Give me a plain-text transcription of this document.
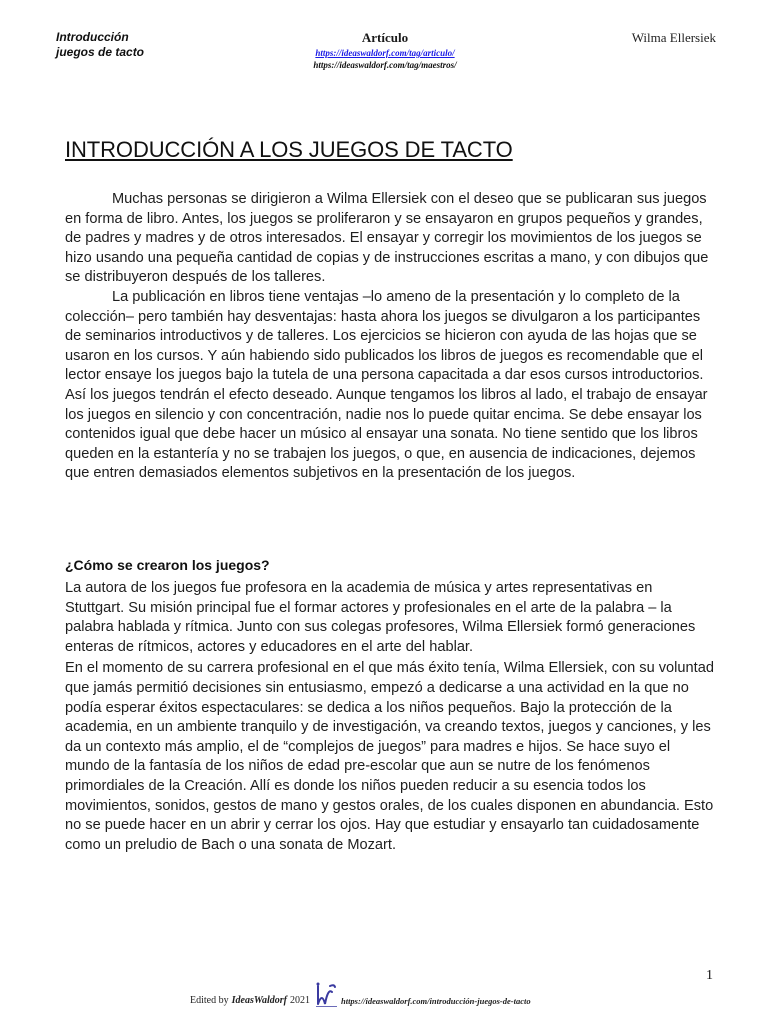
Introducción
juegos de tacto
Artículo
https://ideaswaldorf.com/tag/articulo/
https://ideaswaldorf.com/tag/maestros/
Wilma Ellersiek
INTRODUCCIÓN A LOS JUEGOS DE TACTO

Muchas personas se dirigieron a Wilma Ellersiek con el deseo que se publicaran sus juegos en forma de libro. Antes, los juegos se proliferaron y se ensayaron en grupos pequeños y grandes, de padres y madres y de otros interesados. El ensayar y corregir los movimientos de los juegos se hizo usando una pequeña cantidad de copias y de instrucciones escritas a mano, y con dibujos que se distribuyeron después de los talleres.

La publicación en libros tiene ventajas –lo ameno de la presentación y lo completo de la colección– pero también hay desventajas: hasta ahora los juegos se divulgaron a los participantes de seminarios introductivos y de talleres. Los ejercicios se hicieron con ayuda de las hojas que se usaron en los cursos. Y aún habiendo sido publicados los libros de juegos es recomendable que el lector ensaye los juegos bajo la tutela de una persona capacitada a dar esos cursos introductorios. Así los juegos tendrán el efecto deseado. Aunque tengamos los libros al lado, el trabajo de ensayar los juegos en silencio y con concentración, nadie nos lo puede quitar encima. Se debe ensayar los contenidos igual que debe hacer un músico al ensayar una sonata. No tiene sentido que los libros queden en la estantería y no se trabajen los juegos, o que, en ausencia de indicaciones, dejemos que entren demasiados elementos subjetivos en la presentación de los juegos.

¿Cómo se crearon los juegos?

La autora de los juegos fue profesora en la academia de música y artes representativas en Stuttgart. Su misión principal fue el formar actores y profesionales en el arte de la palabra – la palabra hablada y rítmica. Junto con sus colegas profesores, Wilma Ellersiek formó generaciones enteras de rítmicos, actores y educadores en el arte del hablar.

En el momento de su carrera profesional en el que más éxito tenía, Wilma Ellersiek, con su voluntad que jamás permitió decisiones sin entusiasmo, empezó a dedicarse a una actividad en la que no podía esperar éxitos espectaculares: se dedica a los niños pequeños. Bajo la protección de la academia, en un ambiente tranquilo y de investigación, va creando textos, juegos y canciones, y les da un contexto más amplio, el de “complejos de juegos” para madres e hijos. Se hace suyo el mundo de la fantasía de los niños de edad pre-escolar que aun se nutre de los fenómenos primordiales de la Creación. Allí es donde los niños pueden reducir a su esencia todos los movimientos, sonidos, gestos de mano y gestos orales, de los cuales disponen en abundancia. Esto no se puede hacer en un abrir y cerrar los ojos. Hay que estudiar y ensayarlo tan cuidadosamente como un preludio de Bach o una sonata de Mozart.

Edited by IdeasWaldorf 2021	https://ideaswaldorf.com/introducción-juegos-de-tacto
1
